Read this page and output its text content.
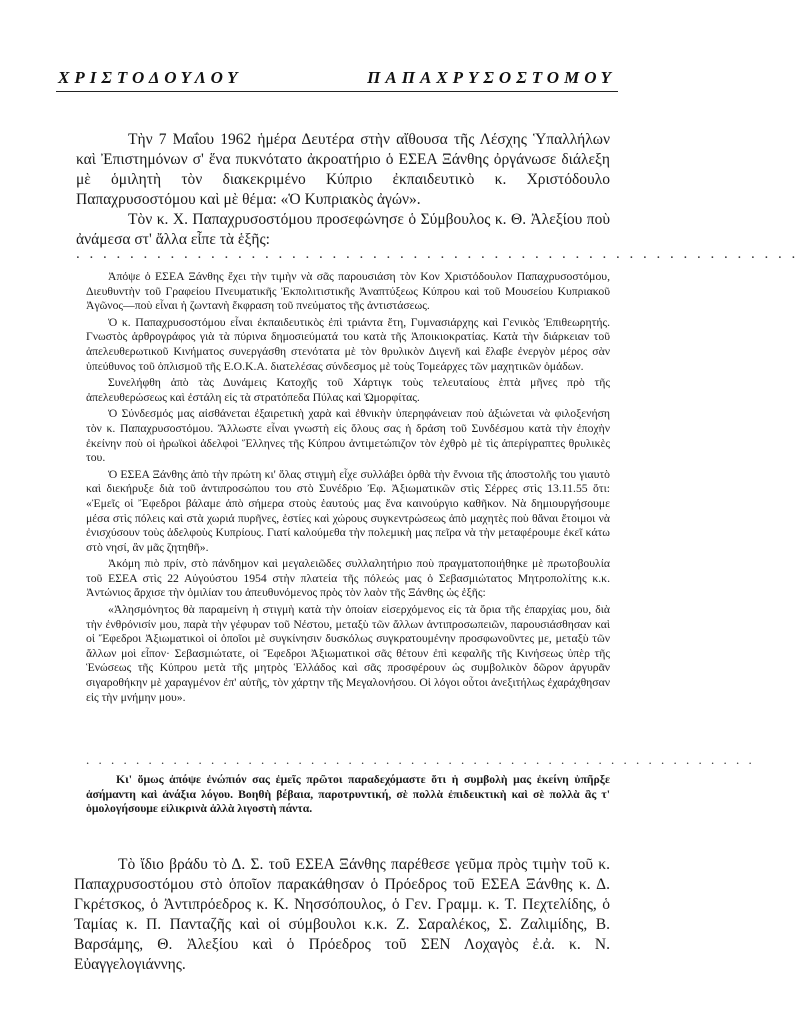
ΧΡΙΣΤΟΔΟΥΛΟΥ	ΠΑΠΑΧΡΥΣΟΣΤΟΜΟΥ

Τὴν 7 Μαΐου 1962 ἡμέρα Δευτέρα στὴν αἴθουσα τῆς Λέσχης Ὑπαλλήλων καὶ Ἐπιστημόνων σ' ἕνα πυκνότατο ἀκροατήριο ὁ ΕΣΕΑ Ξάνθης ὀργάνωσε διάλεξη μὲ ὁμιλητὴ τὸν διακεκριμένο Κύπριο ἐκπαιδευτικὸ κ. Χριστόδουλο Παπαχρυσοστόμου καὶ μὲ θέμα: «Ὁ Κυπριακὸς ἀγών».

Τὸν κ. Χ. Παπαχρυσοστόμου προσεφώνησε ὁ Σύμβουλος κ. Θ. Ἀλεξίου ποὺ ἀνάμεσα στ' ἄλλα εἶπε τὰ ἑξῆς:

. . . . . . . . . . . . . . . . . . . . . . . . . . . . . . . . . . . . . . . . . . . . . . . . . . . . . .

Ἀπόψε ὁ ΕΣΕΑ Ξάνθης ἔχει τὴν τιμὴν νὰ σᾶς παρουσιάση τὸν Κον Χριστόδουλον Παπαχρυσοστόμου, Διευθυντὴν τοῦ Γραφείου Πνευματικῆς Ἐκπολιτιστικῆς Ἀναπτύξεως Κύπρου καὶ τοῦ Μουσείου Κυπριακοῦ Ἀγῶνος—ποὺ εἶναι ἡ ζωντανὴ ἔκφραση τοῦ πνεύματος τῆς ἀντιστάσεως.

Ὁ κ. Παπαχρυσοστόμου εἶναι ἐκπαιδευτικὸς ἐπὶ τριάντα ἔτη, Γυμνασιάρχης καὶ Γενικὸς Ἐπιθεωρητής. Γνωστὸς ἀρθρογράφος γιὰ τὰ πύρινα δημοσιεύματά του κατὰ τῆς Ἀποικιοκρατίας. Κατὰ τὴν διάρκειαν τοῦ ἀπελευθερωτικοῦ Κινήματος συνεργάσθη στενότατα μὲ τὸν θρυλικὸν Διγενῆ καὶ ἔλαβε ἐνεργὸν μέρος σὰν ὑπεύθυνος τοῦ ὁπλισμοῦ τῆς Ε.Ο.Κ.Α. διατελέσας σύνδεσμος μὲ τοὺς Τομεάρχες τῶν μαχητικῶν ὁμάδων.

Συνελήφθη ἀπὸ τὰς Δυνάμεις Κατοχῆς τοῦ Χάρτιγκ τοὺς τελευταίους ἑπτὰ μῆνες πρὸ τῆς ἀπελευθερώσεως καὶ ἐστάλη εἰς τὰ στρατόπεδα Πύλας καὶ Ὠμορφίτας.

Ὁ Σύνδεσμός μας αἰσθάνεται ἐξαιρετικὴ χαρὰ καὶ ἐθνικὴν ὑπερηφάνειαν ποὺ ἀξιώνεται νὰ φιλοξενήση τὸν κ. Παπαχρυσοστόμου. Ἄλλωστε εἶναι γνωστὴ εἰς ὅλους σας ἡ δράση τοῦ Συνδέσμου κατὰ τὴν ἐποχὴν ἐκείνην ποὺ οἱ ἡρωϊκοὶ ἀδελφοὶ Ἕλληνες τῆς Κύπρου ἀντιμετώπιζον τὸν ἐχθρὸ μὲ τὶς ἀπερίγραπτες θρυλικὲς του.

Ὁ ΕΣΕΑ Ξάνθης ἀπὸ τὴν πρώτη κι' ὅλας στιγμὴ εἶχε συλλάβει ὀρθὰ τὴν ἔννοια τῆς ἀποστολῆς του γιαυτὸ καὶ διεκήρυξε διὰ τοῦ ἀντιπροσώπου του στὸ Συνέδριο Ἐφ. Ἀξιωματικῶν στὶς Σέρρες στὶς 13.11.55 ὅτι: «Ἐμεῖς οἱ Ἔφεδροι βάλαμε ἀπὸ σήμερα στοὺς ἑαυτούς μας ἕνα καινούργιο καθῆκον. Νὰ δημιουργήσουμε μέσα στὶς πόλεις καὶ στὰ χωριά πυρῆνες, ἑστίες καὶ χώρους συγκεντρώσεως ἀπὸ μαχητὲς ποὺ θἄναι ἕτοιμοι νὰ ἐνισχύσουν τοὺς ἀδελφοὺς Κυπρίους. Γιατί καλούμεθα τὴν πολεμικὴ μας πεῖρα νὰ τὴν μεταφέρουμε ἐκεῖ κάτω στὸ νησί, ἂν μᾶς ζητηθῆ».

Ἀκόμη πιὸ πρίν, στὸ πάνδημον καὶ μεγαλειῶδες συλλαλητήριο ποὺ πραγματοποιήθηκε μὲ πρωτοβουλία τοῦ ΕΣΕΑ στὶς 22 Αὐγούστου 1954 στὴν πλατεία τῆς πόλεώς μας ὁ Σεβασμιώτατος Μητροπολίτης κ.κ. Ἀντώνιος ἄρχισε τὴν ὁμιλίαν του ἀπευθυνόμενος πρὸς τὸν λαὸν τῆς Ξάνθης ὡς ἑξῆς:

«Ἀλησμόνητος θὰ παραμείνη ἡ στιγμὴ κατὰ τὴν ὁποίαν εἰσερχόμενος εἰς τὰ ὅρια τῆς ἐπαρχίας μου, διὰ τὴν ἐνθρόνισίν μου, παρὰ τὴν γέφυραν τοῦ Νέστου, μεταξὺ τῶν ἄλλων ἀντιπροσωπειῶν, παρουσιάσθησαν καὶ οἱ Ἔφεδροι Ἀξιωματικοὶ οἱ ὁποῖοι μὲ συγκίνησιν δυσκόλως συγκρατουμένην προσφωνοῦντες με, μεταξὺ τῶν ἄλλων μοὶ εἶπον· Σεβασμιώτατε, οἱ Ἔφεδροι Ἀξιωματικοὶ σᾶς θέτουν ἐπὶ κεφαλῆς τῆς Κινήσεως ὑπὲρ τῆς Ἑνώσεως τῆς Κύπρου μετὰ τῆς μητρὸς Ἑλλάδος καὶ σᾶς προσφέρουν ὡς συμβολικὸν δῶρον ἀργυρᾶν σιγαροθήκην μὲ χαραγμένον ἐπ' αὐτῆς, τὸν χάρτην τῆς Μεγαλονήσου. Οἱ λόγοι οὗτοι ἀνεξιτήλως ἐχαράχθησαν εἰς τὴν μνήμην μου».

. . . . . . . . . . . . . . . . . . . . . . . . . . . . . . . . . . . . . . . . . . . . . . . . . . . . . .

Κι' ὅμως ἀπόψε ἐνώπιόν σας ἐμεῖς πρῶτοι παραδεχόμαστε ὅτι ἡ συμβολὴ μας ἐκείνη ὑπῆρξε ἀσήμαντη καὶ ἀνάξια λόγου. Βοηθὴ βέβαια, παροτρυντική, σὲ πολλὰ ἐπιδεικτικὴ καὶ σὲ πολλὰ ἂς τ' ὁμολογήσουμε εἰλικρινὰ ἀλλὰ λιγοστὴ πάντα.

Τὸ ἴδιο βράδυ τὸ Δ. Σ. τοῦ ΕΣΕΑ Ξάνθης παρέθεσε γεῦμα πρὸς τιμὴν τοῦ κ. Παπαχρυσοστόμου στὸ ὁποῖον παρακάθησαν ὁ Πρόεδρος τοῦ ΕΣΕΑ Ξάνθης κ. Δ. Γκρέτσκος, ὁ Ἀντιπρόεδρος κ. Κ. Νησσόπουλος, ὁ Γεν. Γραμμ. κ. Τ. Πεχτελίδης, ὁ Ταμίας κ. Π. Πανταζῆς καὶ οἱ σύμβουλοι κ.κ. Ζ. Σαραλέκος, Σ. Ζαλιμίδης, Β. Βαρσάμης, Θ. Ἀλεξίου καὶ ὁ Πρόεδρος τοῦ ΣΕΝ Λοχαγὸς ἐ.ἀ. κ. Ν. Εὐαγγελογιάννης.
